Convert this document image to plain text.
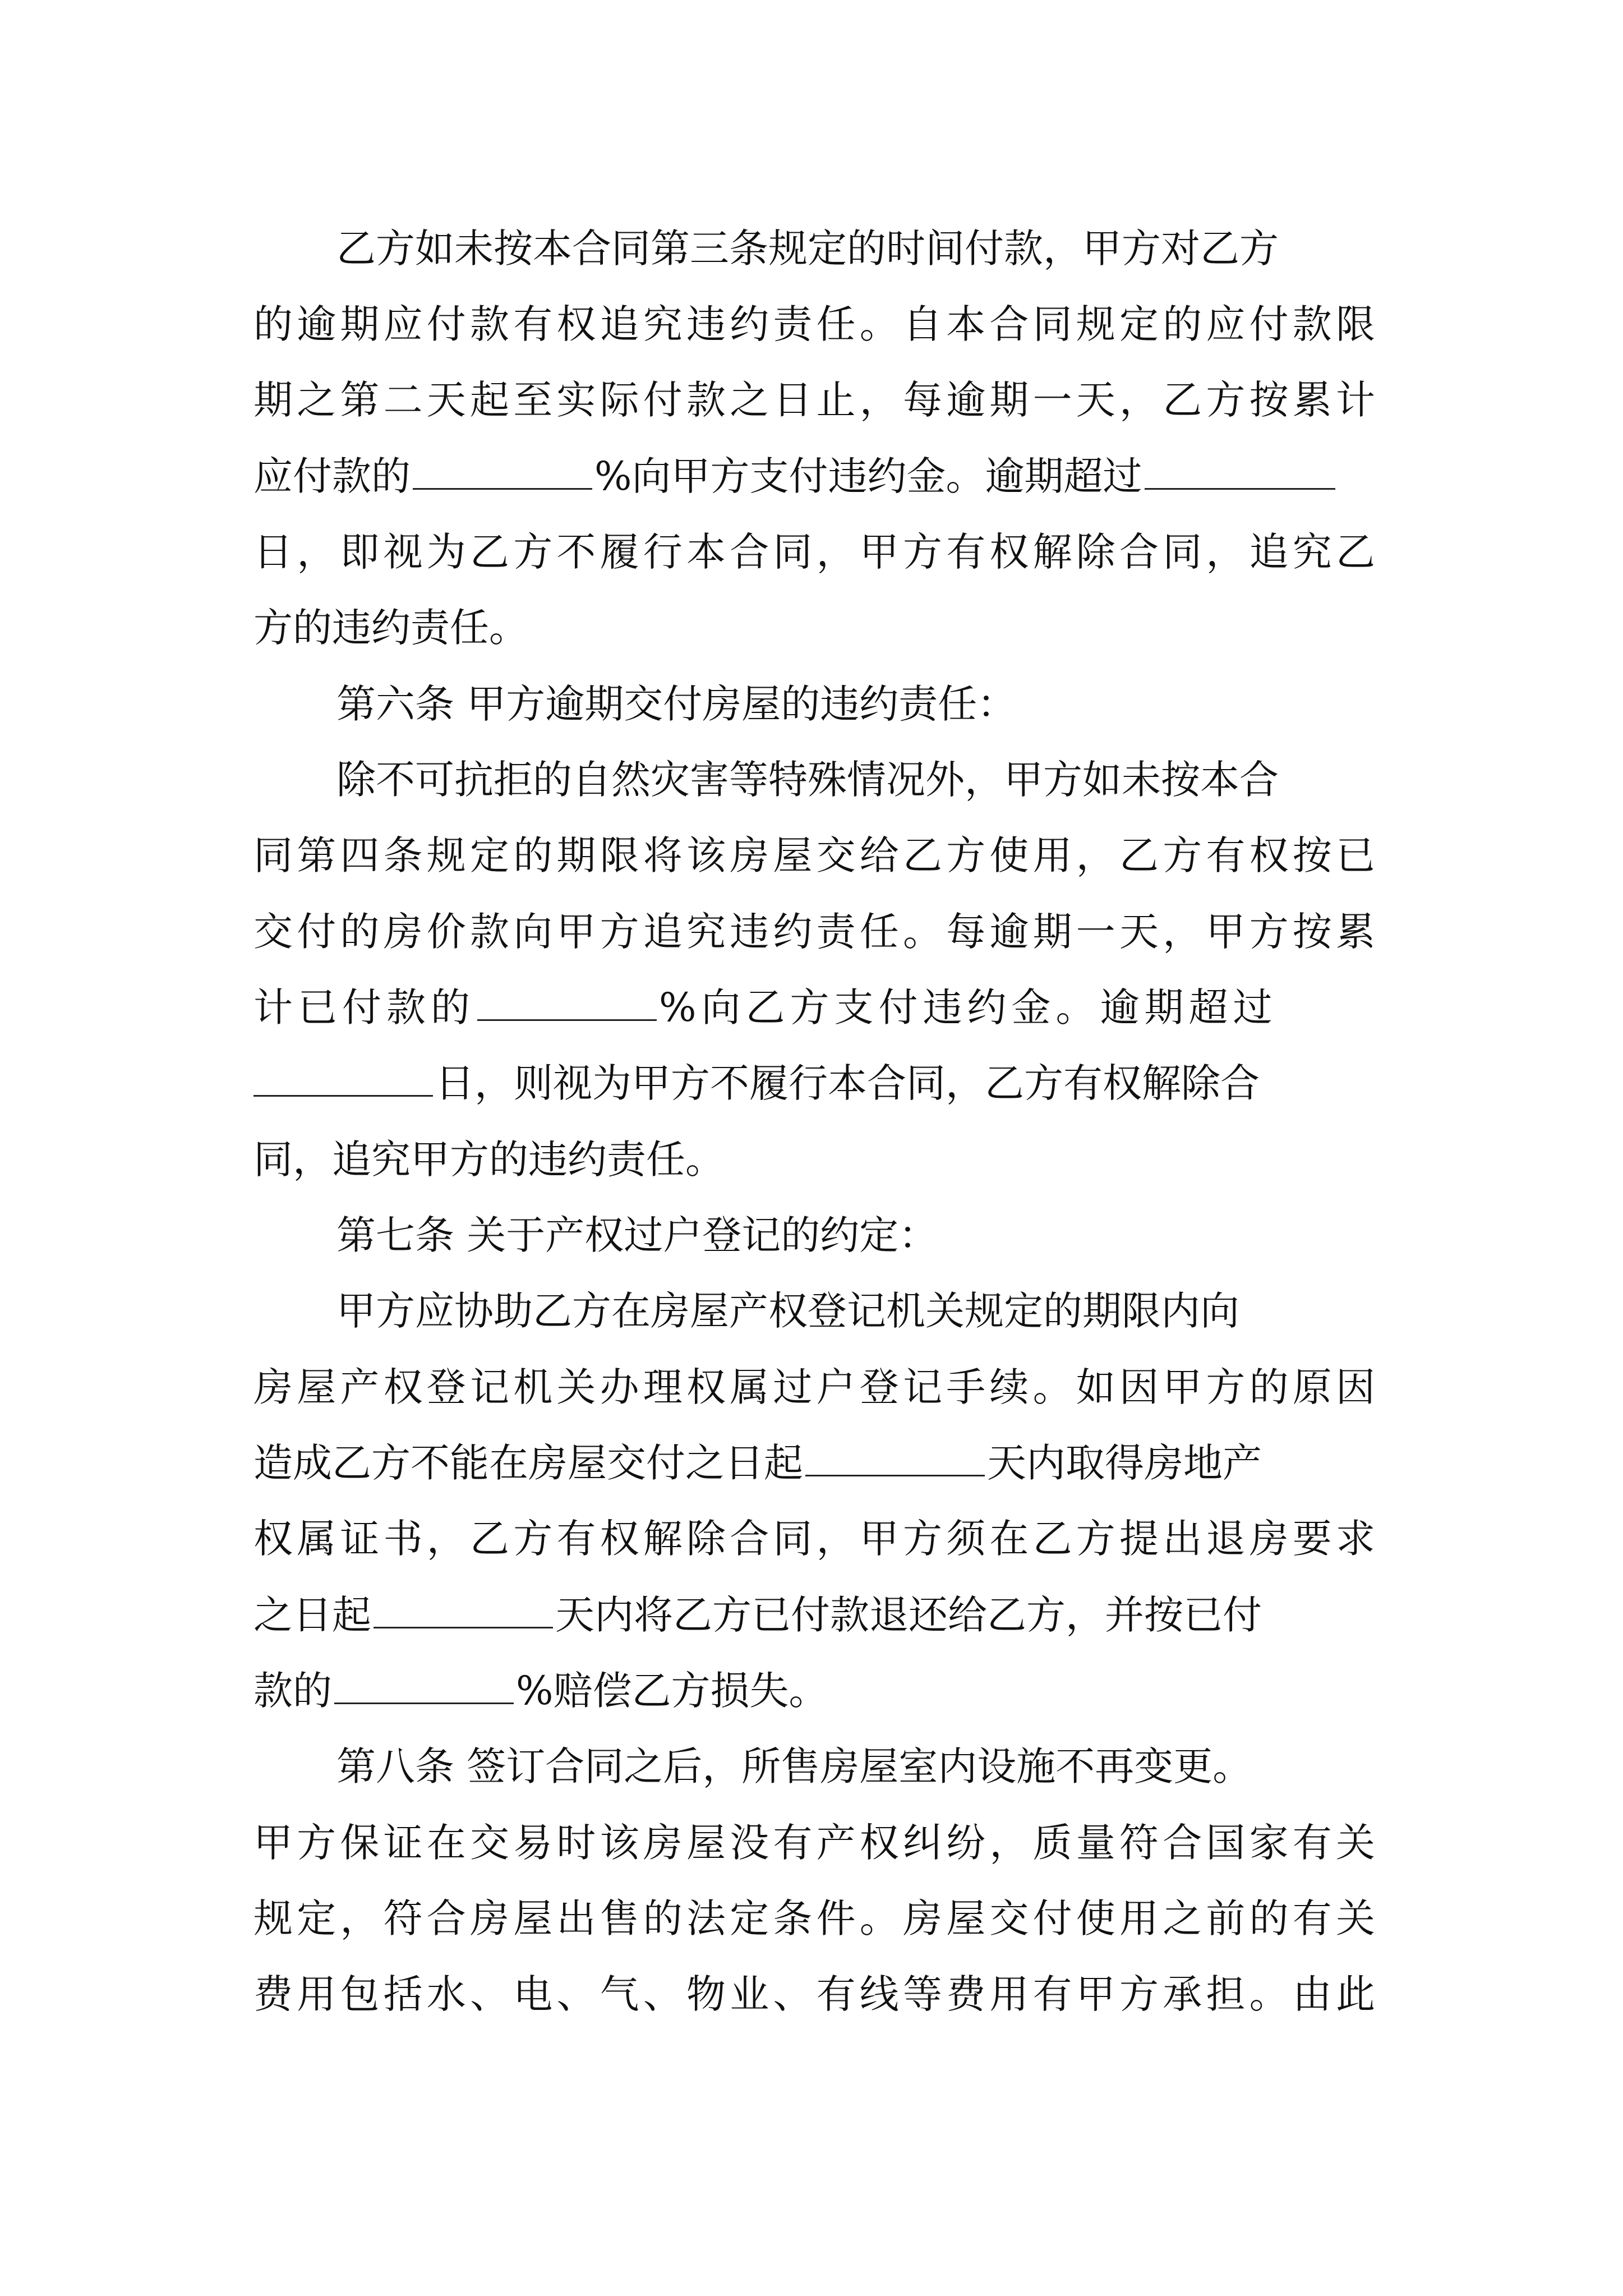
乙方如未按本合同第三条规定的时间付款，甲方对乙方
的逾期应付款有权追究违约责任。自本合同规定的应付款限
期之第二天起至实际付款之日止，每逾期一天，乙方按累计
应付款的	%向甲方支付违约金。逾期超过
日，即视为乙方不履行本合同，甲方有权解除合同，追究乙
方的违约责任。
第六条 甲方逾期交付房屋的违约责任：
除不可抗拒的自然灾害等特殊情况外，甲方如未按本合
同第四条规定的期限将该房屋交给乙方使用，乙方有权按已
交付的房价款向甲方追究违约责任。每逾期一天，甲方按累
计已付款的	%向乙方支付违约金。逾期超过
日，则视为甲方不履行本合同，乙方有权解除合
同，追究甲方的违约责任。
第七条 关于产权过户登记的约定：
甲方应协助乙方在房屋产权登记机关规定的期限内向
房屋产权登记机关办理权属过户登记手续。如因甲方的原因
造成乙方不能在房屋交付之日起	天内取得房地产
权属证书，乙方有权解除合同，甲方须在乙方提出退房要求
之日起	天内将乙方已付款退还给乙方，并按已付
款的	%赔偿乙方损失。
第八条 签订合同之后，所售房屋室内设施不再变更。
甲方保证在交易时该房屋没有产权纠纷，质量符合国家有关
规定，符合房屋出售的法定条件。房屋交付使用之前的有关
费用包括水、电、气、物业、有线等费用有甲方承担。由此
